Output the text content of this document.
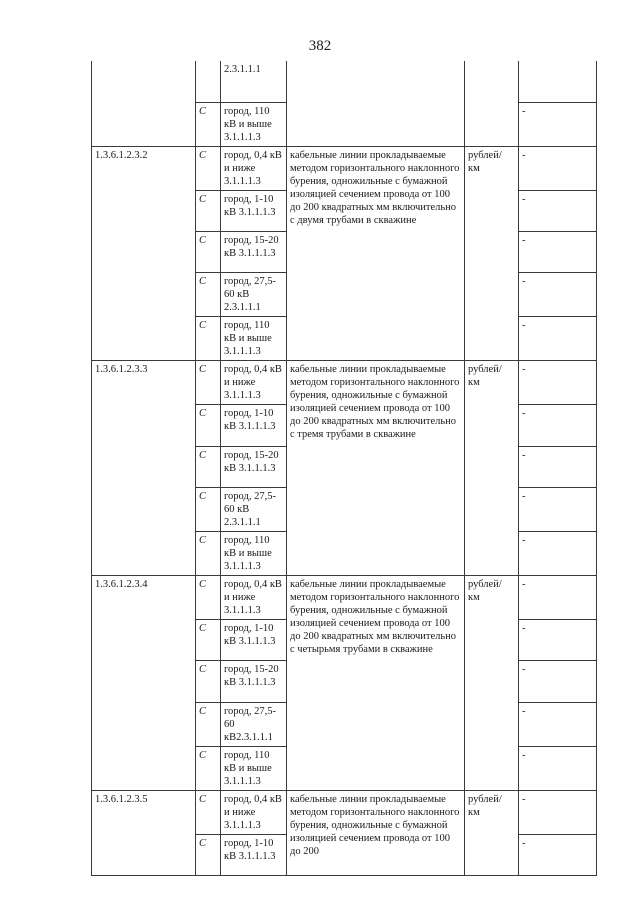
382
		2.3.1.1.1			
	C	город, 110 кВ и выше 3.1.1.1.3			-
1.3.6.1.2.3.2	C	город, 0,4 кВ и ниже 3.1.1.1.3	кабельные линии прокладываемые методом горизонтального наклонного бурения, одножильные с бумажной изоляцией сечением провода от 100 до 200 квадратных мм включительно с двумя трубами в скважине	рублей/ км	-
	C	город, 1-10 кВ 3.1.1.1.3			-
	C	город, 15-20 кВ 3.1.1.1.3			-
	C	город, 27,5-60 кВ 2.3.1.1.1			-
	C	город, 110 кВ и выше 3.1.1.1.3			-
1.3.6.1.2.3.3	C	город, 0,4 кВ и ниже 3.1.1.1.3	кабельные линии прокладываемые методом горизонтального наклонного бурения, одножильные с бумажной изоляцией сечением провода от 100 до 200 квадратных мм включительно с тремя трубами в скважине	рублей/ км	-
	C	город, 1-10 кВ 3.1.1.1.3			-
	C	город, 15-20 кВ 3.1.1.1.3			-
	C	город, 27,5-60 кВ 2.3.1.1.1			-
	C	город, 110 кВ и выше 3.1.1.1.3			-
1.3.6.1.2.3.4	C	город, 0,4 кВ и ниже 3.1.1.1.3	кабельные линии прокладываемые методом горизонтального наклонного бурения, одножильные с бумажной изоляцией сечением провода от 100 до 200 квадратных мм включительно с четырьмя трубами в скважине	рублей/ км	-
	C	город, 1-10 кВ 3.1.1.1.3			-
	C	город, 15-20 кВ 3.1.1.1.3			-
	C	город, 27,5-60 кВ2.3.1.1.1			-
	C	город, 110 кВ и выше 3.1.1.1.3			-
1.3.6.1.2.3.5	C	город, 0,4 кВ и ниже 3.1.1.1.3	кабельные линии прокладываемые методом горизонтального наклонного бурения, одножильные с бумажной изоляцией сечением провода от 100 до 200	рублей/ км	-
	C	город, 1-10 кВ 3.1.1.1.3			-
